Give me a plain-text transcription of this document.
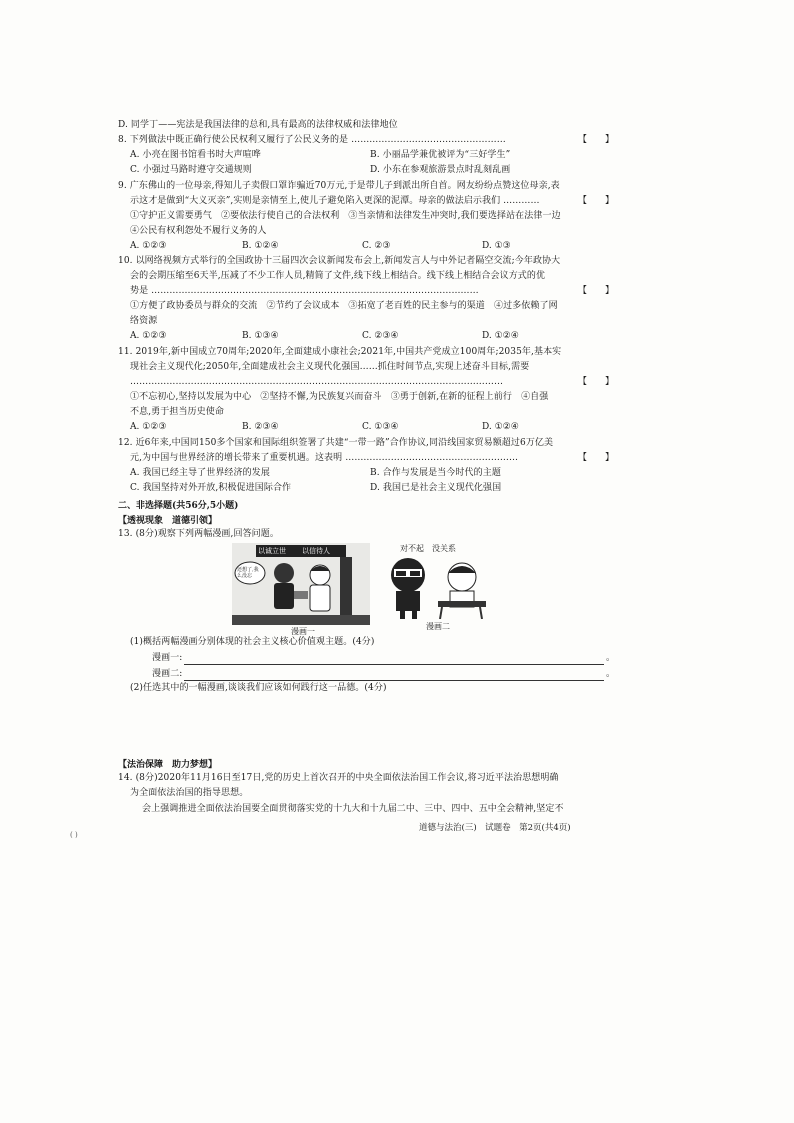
D. 同学丁——宪法是我国法律的总和,具有最高的法律权威和法律地位
8. 下列做法中既正确行使公民权利又履行了公民义务的是 ……………………………………………	【　　】
A. 小亮在图书馆看书时大声喧哗	B. 小丽品学兼优被评为“三好学生”
C. 小强过马路时遵守交通规则	D. 小东在参观旅游景点时乱刻乱画
9. 广东佛山的一位母亲,得知儿子卖假口罩诈骗近70万元,于是带儿子到派出所自首。网友纷纷点赞这位母亲,表
示这才是做到“大义灭亲”,实则是亲情至上,使儿子避免陷入更深的泥潭。母亲的做法启示我们 …………	【　　】
①守护正义需要勇气　②要依法行使自己的合法权利　③当亲情和法律发生冲突时,我们要选择站在法律一边
④公民有权利怨处不履行义务的人
A. ①②③	B. ①②④	C. ②③	D. ①③
10. 以网络视频方式举行的全国政协十三届四次会议新闻发布会上,新闻发言人与中外记者隔空交流;今年政协大
会的会期压缩至6天半,压减了不少工作人员,精简了文件,线下线上相结合。线下线上相结合会议方式的优
势是 ………………………………………………………………………………………………	【　　】
①方便了政协委员与群众的交流　②节约了会议成本　③拓宽了老百姓的民主参与的渠道　④过多依赖了网
络资源
A. ①②③	B. ①③④	C. ②③④	D. ①②④
11. 2019年,新中国成立70周年;2020年,全面建成小康社会;2021年,中国共产党成立100周年;2035年,基本实
现社会主义现代化;2050年,全面建成社会主义现代化强国……抓住时间节点,实现上述奋斗目标,需要
……………………………………………………………………………………………………………	【　　】
①不忘初心,坚持以发展为中心　②坚持不懈,为民族复兴而奋斗　③勇于创新,在新的征程上前行　④自强
不息,勇于担当历史使命
A. ①②③	B. ②③④	C. ①③④	D. ①②④
12. 近6年来,中国同150多个国家和国际组织签署了共建“一带一路”合作协议,同沿线国家贸易额超过6万亿美
元,为中国与世界经济的增长带来了重要机遇。这表明 …………………………………………………	【　　】
A. 我国已经主导了世界经济的发展	B. 合作与发展是当今时代的主题
C. 我国坚持对外开放,积极促进国际合作	D. 我国已是社会主义现代化强国
二、非选择题(共56分,5小题)
【透视现象　道德引领】
13. (8分)观察下列两幅漫画,回答问题。
以诚立世 以信待人
还想了,我么没忘
漫画一
对不起　没关系
漫画二
(1)概括两幅漫画分别体现的社会主义核心价值观主题。(4分)
漫画一:	。
漫画二:	。
(2)任选其中的一幅漫画,谈谈我们应该如何践行这一品德。(4分)
【法治保障　助力梦想】
14. (8分)2020年11月16日至17日,党的历史上首次召开的中央全面依法治国工作会议,将习近平法治思想明确
为全面依法治国的指导思想。
会上强调推进全面依法治国要全面贯彻落实党的十九大和十九届二中、三中、四中、五中全会精神,坚定不
道德与法治(三)　试题卷　第2页(共4页)
( )
